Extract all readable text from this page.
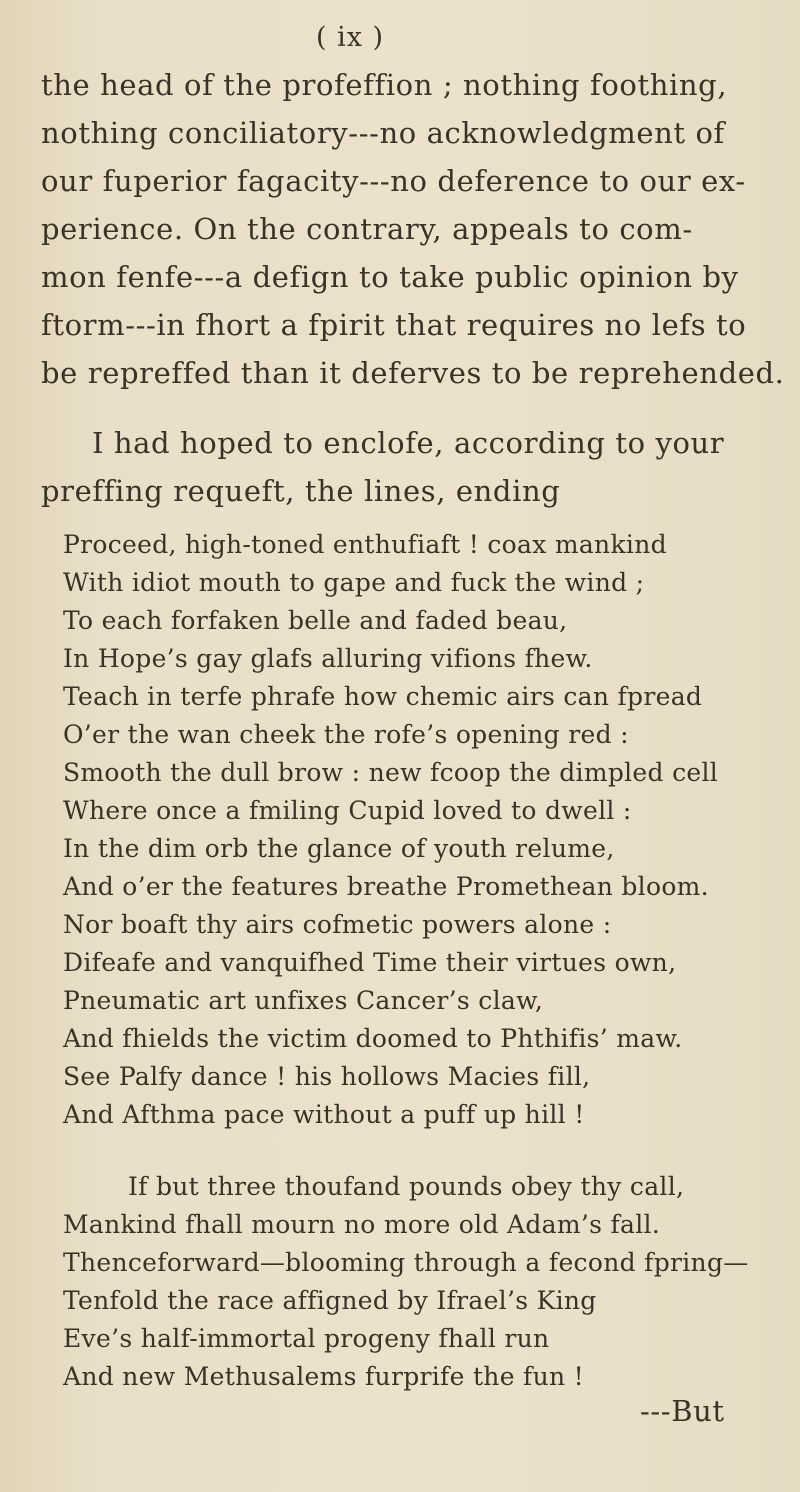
( ix )

the head of the profeffion ; nothing foothing,

nothing conciliatory---no acknowledgment of

our fuperior fagacity---no deference to our ex-

perience. On the contrary, appeals to com-

mon fenfe---a defign to take public opinion by

ftorm---in fhort a fpirit that requires no lefs to

be repreffed than it deferves to be reprehended.

I had hoped to enclofe, according to your

preffing requeft, the lines, ending

Proceed, high-toned enthufiaft ! coax mankind

With idiot mouth to gape and fuck the wind ;

To each forfaken belle and faded beau,

In Hope’s gay glafs alluring vifions fhew.

Teach in terfe phrafe how chemic airs can fpread

O’er the wan cheek the rofe’s opening red :

Smooth the dull brow : new fcoop the dimpled cell

Where once a fmiling Cupid loved to dwell :

In the dim orb the glance of youth relume,

And o’er the features breathe Promethean bloom.

Nor boaft thy airs cofmetic powers alone :

Difeafe and vanquifhed Time their virtues own,

Pneumatic art unfixes Cancer’s claw,

And fhields the victim doomed to Phthifis’ maw.

See Palfy dance ! his hollows Macies fill,

And Afthma pace without a puff up hill !

If but three thoufand pounds obey thy call,

Mankind fhall mourn no more old Adam’s fall.

Thenceforward—blooming through a fecond fpring—

Tenfold the race affigned by Ifrael’s King

Eve’s half-immortal progeny fhall run

And new Methusalems furprife the fun !

---But
